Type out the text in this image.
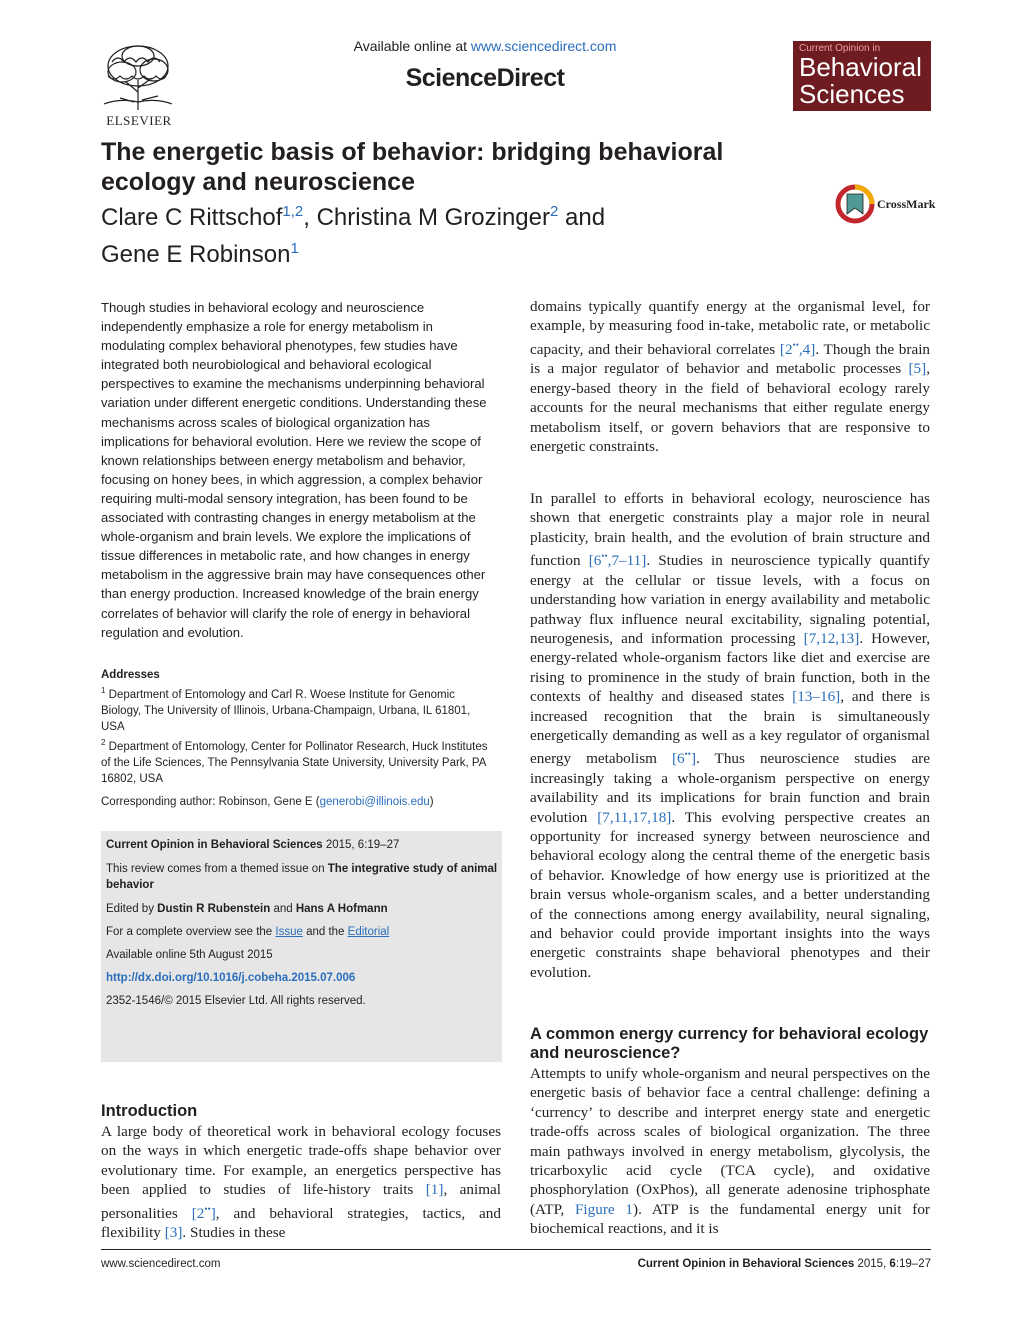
ELSEVIER
Available online at www.sciencedirect.com
ScienceDirect
Current Opinion in
Behavioral
Sciences
The energetic basis of behavior: bridging behavioral ecology and neuroscience
Clare C Rittschof$^{1,2}$, Christina M Grozinger$^2$ and
Gene E Robinson$^1$
CrossMark
Though studies in behavioral ecology and neuroscience independently emphasize a role for energy metabolism in modulating complex behavioral phenotypes, few studies have integrated both neurobiological and behavioral ecological perspectives to examine the mechanisms underpinning behavioral variation under different energetic conditions. Understanding these mechanisms across scales of biological organization has implications for behavioral evolution. Here we review the scope of known relationships between energy metabolism and behavior, focusing on honey bees, in which aggression, a complex behavior requiring multi-modal sensory integration, has been found to be associated with contrasting changes in energy metabolism at the whole-organism and brain levels. We explore the implications of tissue differences in metabolic rate, and how changes in energy metabolism in the aggressive brain may have consequences other than energy production. Increased knowledge of the brain energy correlates of behavior will clarify the role of energy in behavioral regulation and evolution.
Addresses
$^1$ Department of Entomology and Carl R. Woese Institute for Genomic Biology, The University of Illinois, Urbana-Champaign, Urbana, IL 61801, USA
$^2$ Department of Entomology, Center for Pollinator Research, Huck Institutes of the Life Sciences, The Pennsylvania State University, University Park, PA 16802, USA
Corresponding author: Robinson, Gene E (generobi@illinois.edu)
Current Opinion in Behavioral Sciences 2015, 6:19–27
This review comes from a themed issue on The integrative study of animal behavior
Edited by Dustin R Rubenstein and Hans A Hofmann
For a complete overview see the Issue and the Editorial
Available online 5th August 2015
http://dx.doi.org/10.1016/j.cobeha.2015.07.006
2352-1546/© 2015 Elsevier Ltd. All rights reserved.
Introduction
A large body of theoretical work in behavioral ecology focuses on the ways in which energetic trade-offs shape behavior over evolutionary time. For example, an energetics perspective has been applied to studies of life-history traits [1], animal personalities [2••], and behavioral strategies, tactics, and flexibility [3]. Studies in these
domains typically quantify energy at the organismal level, for example, by measuring food in-take, metabolic rate, or metabolic capacity, and their behavioral correlates [2••,4]. Though the brain is a major regulator of behavior and metabolic processes [5], energy-based theory in the field of behavioral ecology rarely accounts for the neural mechanisms that either regulate energy metabolism itself, or govern behaviors that are responsive to energetic constraints.
In parallel to efforts in behavioral ecology, neuroscience has shown that energetic constraints play a major role in neural plasticity, brain health, and the evolution of brain structure and function [6••,7–11]. Studies in neuroscience typically quantify energy at the cellular or tissue levels, with a focus on understanding how variation in energy availability and metabolic pathway flux influence neural excitability, signaling potential, neurogenesis, and information processing [7,12,13]. However, energy-related whole-organism factors like diet and exercise are rising to prominence in the study of brain function, both in the contexts of healthy and diseased states [13–16], and there is increased recognition that the brain is simultaneously energetically demanding as well as a key regulator of organismal energy metabolism [6••]. Thus neuroscience studies are increasingly taking a whole-organism perspective on energy availability and its implications for brain function and brain evolution [7,11,17,18]. This evolving perspective creates an opportunity for increased synergy between neuroscience and behavioral ecology along the central theme of the energetic basis of behavior. Knowledge of how energy use is prioritized at the brain versus whole-organism scales, and a better understanding of the connections among energy availability, neural signaling, and behavior could provide important insights into the ways energetic constraints shape behavioral phenotypes and their evolution.
A common energy currency for behavioral ecology and neuroscience?
Attempts to unify whole-organism and neural perspectives on the energetic basis of behavior face a central challenge: defining a ‘currency’ to describe and interpret energy state and energetic trade-offs across scales of biological organization. The three main pathways involved in energy metabolism, glycolysis, the tricarboxylic acid cycle (TCA cycle), and oxidative phosphorylation (OxPhos), all generate adenosine triphosphate (ATP, Figure 1). ATP is the fundamental energy unit for biochemical reactions, and it is
www.sciencedirect.com	Current Opinion in Behavioral Sciences 2015, 6:19–27
